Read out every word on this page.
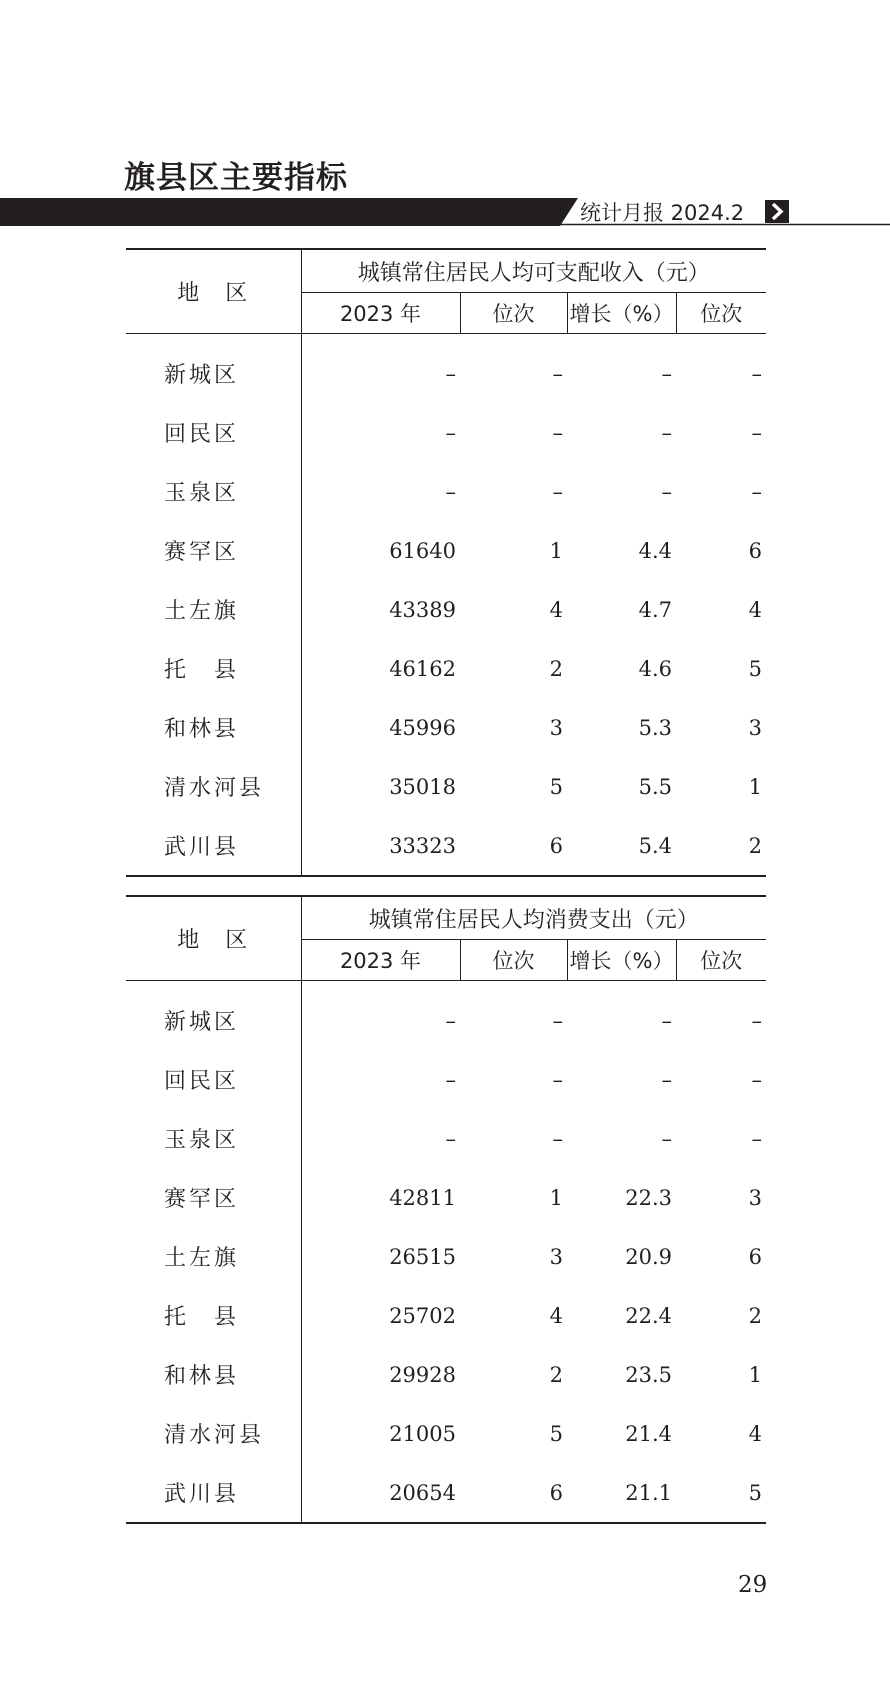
旗县区主要指标
统计月报 2024.2
地　区	城镇常住居民人均可支配收入（元）			
	2023 年	位次	增长（%）	位次
新城区	–	–	–	–
回民区	–	–	–	–
玉泉区	–	–	–	–
赛罕区	61640	1	4.4	6
土左旗	43389	4	4.7	4
托　县	46162	2	4.6	5
和林县	45996	3	5.3	3
清水河县	35018	5	5.5	1
武川县	33323	6	5.4	2
地　区	城镇常住居民人均消费支出（元）			
	2023 年	位次	增长（%）	位次
新城区	–	–	–	–
回民区	–	–	–	–
玉泉区	–	–	–	–
赛罕区	42811	1	22.3	3
土左旗	26515	3	20.9	6
托　县	25702	4	22.4	2
和林县	29928	2	23.5	1
清水河县	21005	5	21.4	4
武川县	20654	6	21.1	5
29
